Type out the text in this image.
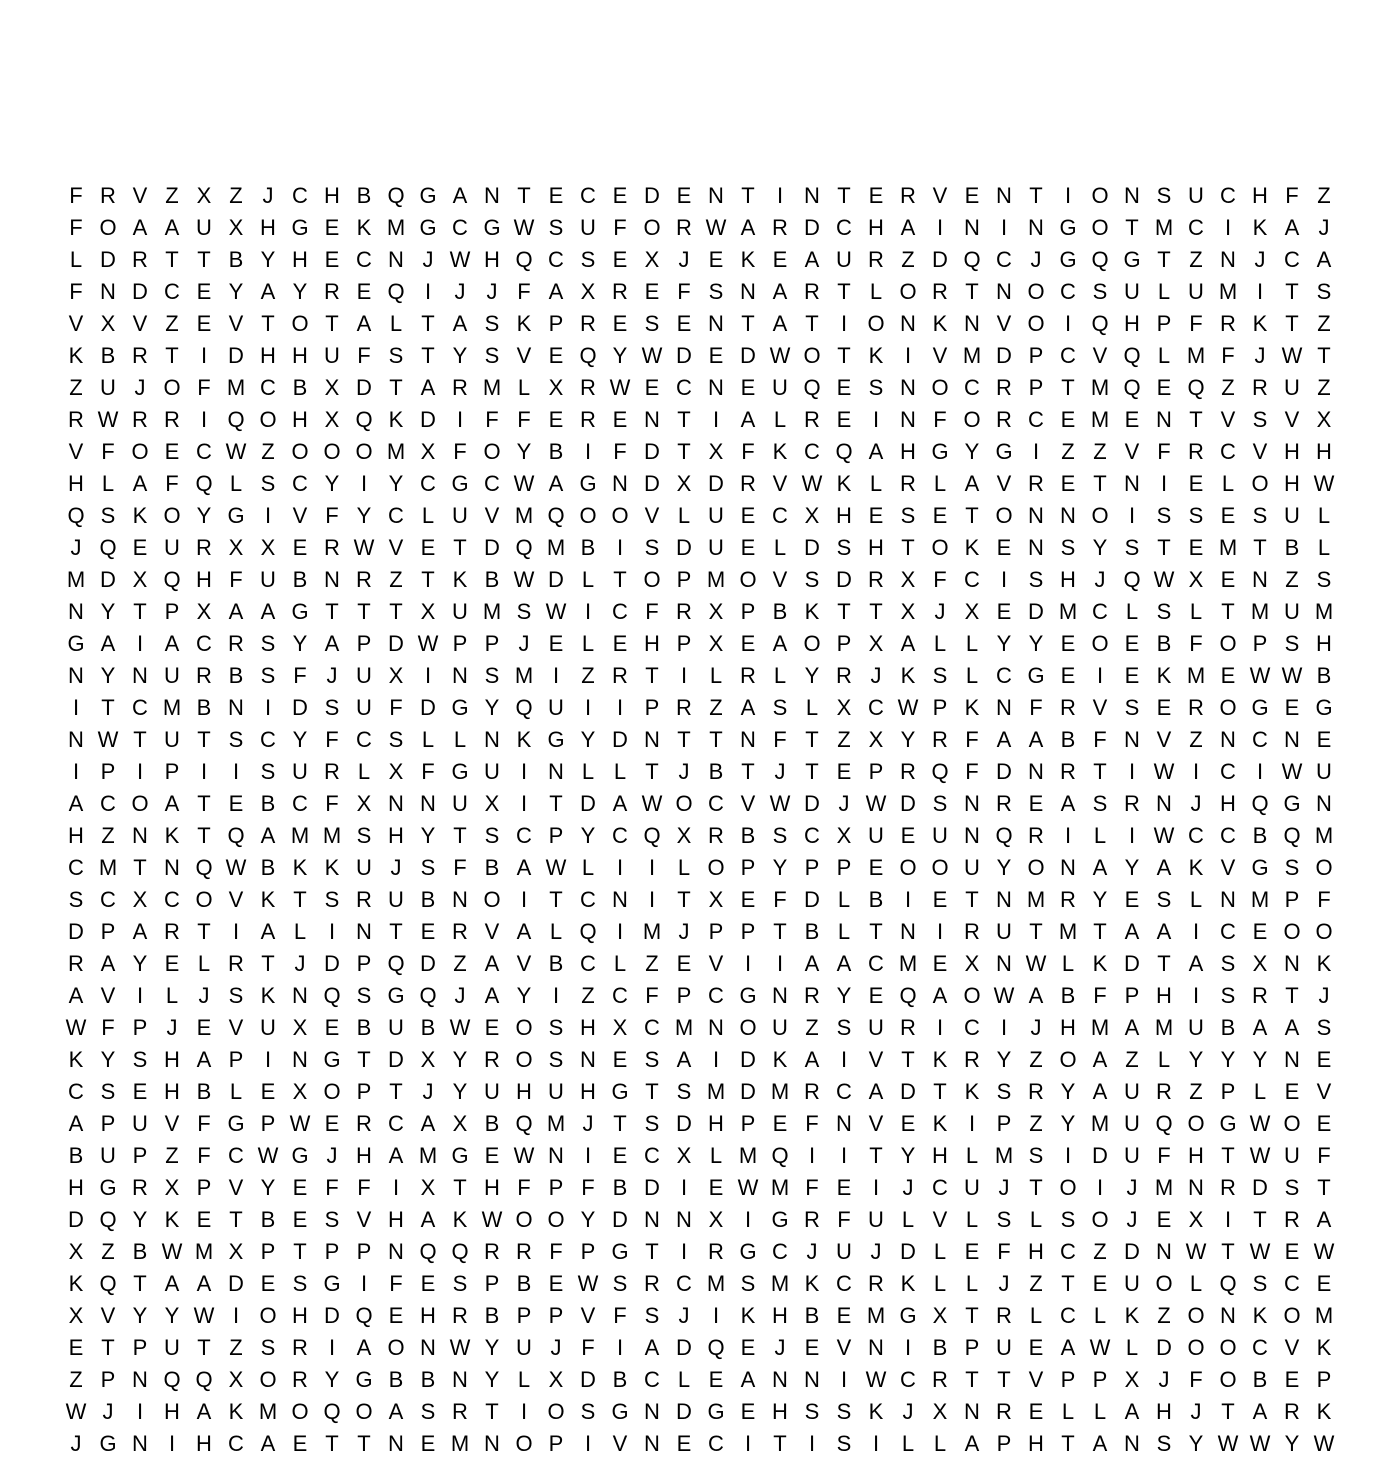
F R V Z X Z J C H B Q G A N T E C E D E N T	I N T E R V E N T	I O N S U C H F Z
F O A A U X H G E K M G C G W S U F O R W A R D C H A I N I N G O T M C I K A J
L D R T T B Y H E C N J W H Q C S E X J E K E A U R Z D Q C J G Q G T Z N J C A
F N D C E Y A Y R E Q I	J J F A X R E F S N A R T L O R T N O C S U L U M I	T S
V X V Z E V T O T A L T A S K P R E S E N T A T	I O N K N V O I Q H P F R K T Z
K B R T	I D H H U F S T Y S V E Q Y W D E D W O T K I V M D P C V Q L M F J W T
Z U J O F M C B X D T A R M L X R W E C N E U Q E S N O C R P T M Q E Q Z R U Z
R W R R I Q O H X Q K D I	F F E R E N T	I A L R E I N F O R C E M E N T V S V X
V F O E C W Z O O O M X F O Y B I	F D T X F K C Q A H G Y G I	Z Z V F R C V H H
H L A F Q L S C Y I Y C G C W A G N D X D R V W K L R L A V R E T N I E L O H W
Q S K O Y G I V F Y C L U V M Q O O V L U E C X H E S E T O N N O I S S E S U L
J Q E U R X X E R W V E T D Q M B I S D U E L D S H T O K E N S Y S T E M T B L
M D X Q H F U B N R Z T K B W D L T O P M O V S D R X F C I S H J Q W X E N Z S
N Y T P X A A G T T T X U M S W I C F R X P B K T T X J X E D M C L S L T M U M
G A I A C R S Y A P D W P P J E L E H P X E A O P X A L L Y Y E O E B F O P S H
N Y N U R B S F J U X I N S M I	Z R T	I	L R L Y R J K S L C G E I E K M E W W B
I	T C M B N I D S U F D G Y Q U I	I P R Z A S L X C W P K N F R V S E R O G E G
N W T U T S C Y F C S L L N K G Y D N T T N F T Z X Y R F A A B F N V Z N C N E
I P I P I	I S U R L X F G U I N L L T J B T J T E P R Q F D N R T	I W I C I W U
A C O A T E B C F X N N U X I	T D A W O C V W D J W D S N R E A S R N J H Q G N
H Z N K T Q A M M S H Y T S C P Y C Q X R B S C X U E U N Q R I	L	I W C C B Q M
C M T N Q W B K K U J S F B A W L	I	I	L O P Y P P E O O U Y O N A Y A K V G S O
S C X C O V K T S R U B N O I	T C N I	T X E F D L B I E T N M R Y E S L N M P F
D P A R T	I A L	I N T E R V A L Q I M J P P T B L T N I R U T M T A A I C E O O
R A Y E L R T J D P Q D Z A V B C L Z E V I	I A A C M E X N W L K D T A S X N K
A V I	L J S K N Q S G Q J A Y I	Z C F P C G N R Y E Q A O W A B F P H I S R T J
W F P J E V U X E B U B W E O S H X C M N O U Z S U R I C I	J H M A M U B A A S
K Y S H A P I N G T D X Y R O S N E S A I D K A I V T K R Y Z O A Z L Y Y Y N E
C S E H B L E X O P T J Y U H U H G T S M D M R C A D T K S R Y A U R Z P L E V
A P U V F G P W E R C A X B Q M J T S D H P E F N V E K I P Z Y M U Q O G W O E
B U P Z F C W G J H A M G E W N I E C X L M Q I	I	T Y H L M S I D U F H T W U F
H G R X P V Y E F F	I X T H F P F B D I E W M F E I	J C U J T O I	J M N R D S T
D Q Y K E T B E S V H A K W O O Y D N N X I G R F U L V L S L S O J E X I	T R A
X Z B W M X P T P P N Q Q R R F P G T	I R G C J U J D L E F H C Z D N W T W E W
K Q T A A D E S G I	F E S P B E W S R C M S M K C R K L L J Z T E U O L Q S C E
X V Y Y W I O H D Q E H R B P P V F S J	I K H B E M G X T R L C L K Z O N K O M
E T P U T Z S R I A O N W Y U J F	I A D Q E J E V N I B P U E A W L D O O C V K
Z P N Q Q X O R Y G B B N Y L X D B C L E A N N I W C R T T V P P X J F O B E P
W J	I H A K M O Q O A S R T	I O S G N D G E H S S K J X N R E L L A H J T A R K
J G N I H C A E T T N E M N O P I V N E C I	T	I S I	L L A P H T A N S Y W W Y W
